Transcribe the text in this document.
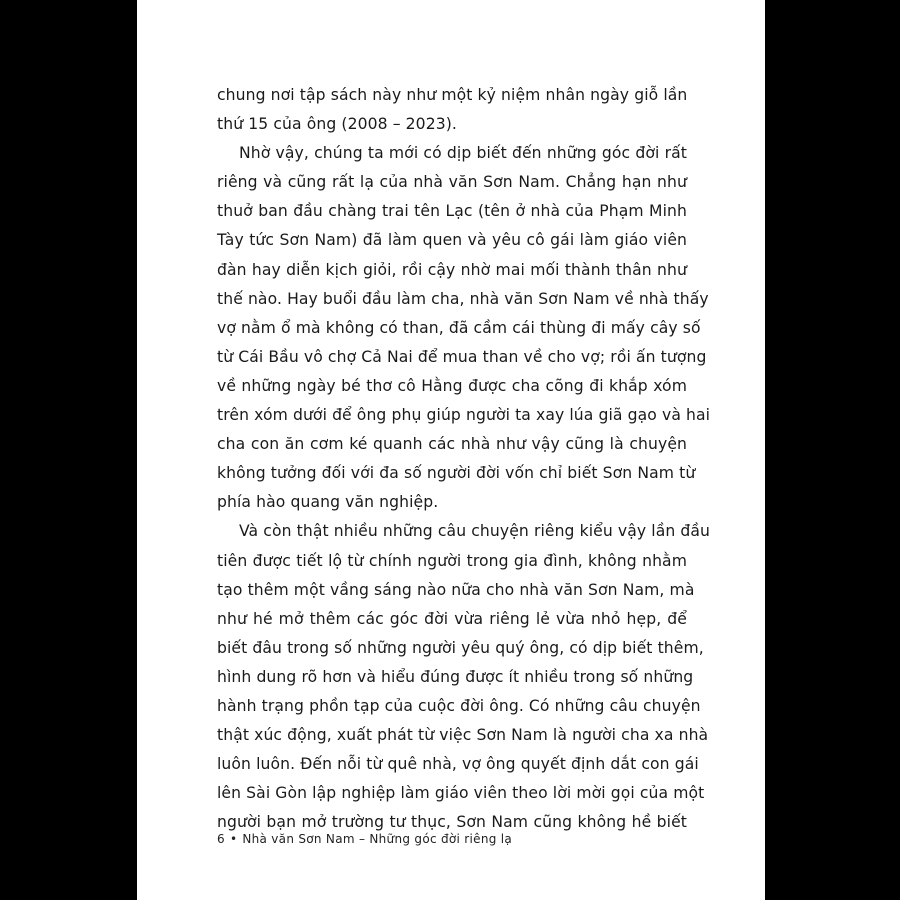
chung nơi tập sách này như một kỷ niệm nhân ngày giỗ lần
thứ 15 của ông (2008 – 2023).
Nhờ vậy, chúng ta mới có dịp biết đến những góc đời rất
riêng và cũng rất lạ của nhà văn Sơn Nam. Chẳng hạn như
thuở ban đầu chàng trai tên Lạc (tên ở nhà của Phạm Minh
Tày tức Sơn Nam) đã làm quen và yêu cô gái làm giáo viên
đàn hay diễn kịch giỏi, rồi cậy nhờ mai mối thành thân như
thế nào. Hay buổi đầu làm cha, nhà văn Sơn Nam về nhà thấy
vợ nằm ổ mà không có than, đã cầm cái thùng đi mấy cây số
từ Cái Bầu vô chợ Cả Nai để mua than về cho vợ; rồi ấn tượng
về những ngày bé thơ cô Hằng được cha cõng đi khắp xóm
trên xóm dưới để ông phụ giúp người ta xay lúa giã gạo và hai
cha con ăn cơm ké quanh các nhà như vậy cũng là chuyện
không tưởng đối với đa số người đời vốn chỉ biết Sơn Nam từ
phía hào quang văn nghiệp.
Và còn thật nhiều những câu chuyện riêng kiểu vậy lần đầu
tiên được tiết lộ từ chính người trong gia đình, không nhằm
tạo thêm một vầng sáng nào nữa cho nhà văn Sơn Nam, mà
như hé mở thêm các góc đời vừa riêng lẻ vừa nhỏ hẹp, để
biết đâu trong số những người yêu quý ông, có dịp biết thêm,
hình dung rõ hơn và hiểu đúng được ít nhiều trong số những
hành trạng phồn tạp của cuộc đời ông. Có những câu chuyện
thật xúc động, xuất phát từ việc Sơn Nam là người cha xa nhà
luôn luôn. Đến nỗi từ quê nhà, vợ ông quyết định dắt con gái
lên Sài Gòn lập nghiệp làm giáo viên theo lời mời gọi của một
người bạn mở trường tư thục, Sơn Nam cũng không hề biết
6 • Nhà văn Sơn Nam – Những góc đời riêng lạ
